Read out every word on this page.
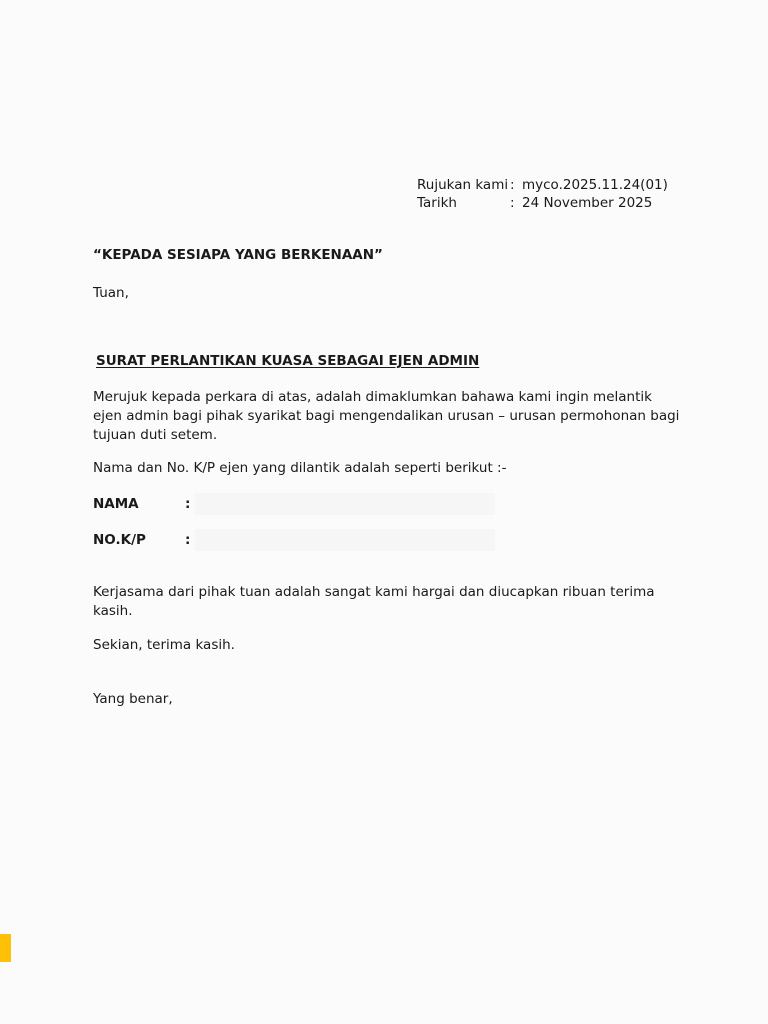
Rujukan kami : myco.2025.11.24(01)
Tarikh	: 24 November 2025
“KEPADA SESIAPA YANG BERKENAAN”
Tuan,
SURAT PERLANTIKAN KUASA SEBAGAI EJEN ADMIN
Merujuk kepada perkara di atas, adalah dimaklumkan bahawa kami ingin melantik ejen admin bagi pihak syarikat bagi mengendalikan urusan – urusan permohonan bagi tujuan duti setem.
Nama dan No. K/P ejen yang dilantik adalah seperti berikut :-
NAMA	:
NO.K/P	:
Kerjasama dari pihak tuan adalah sangat kami hargai dan diucapkan ribuan terima kasih.
Sekian, terima kasih.
Yang benar,
